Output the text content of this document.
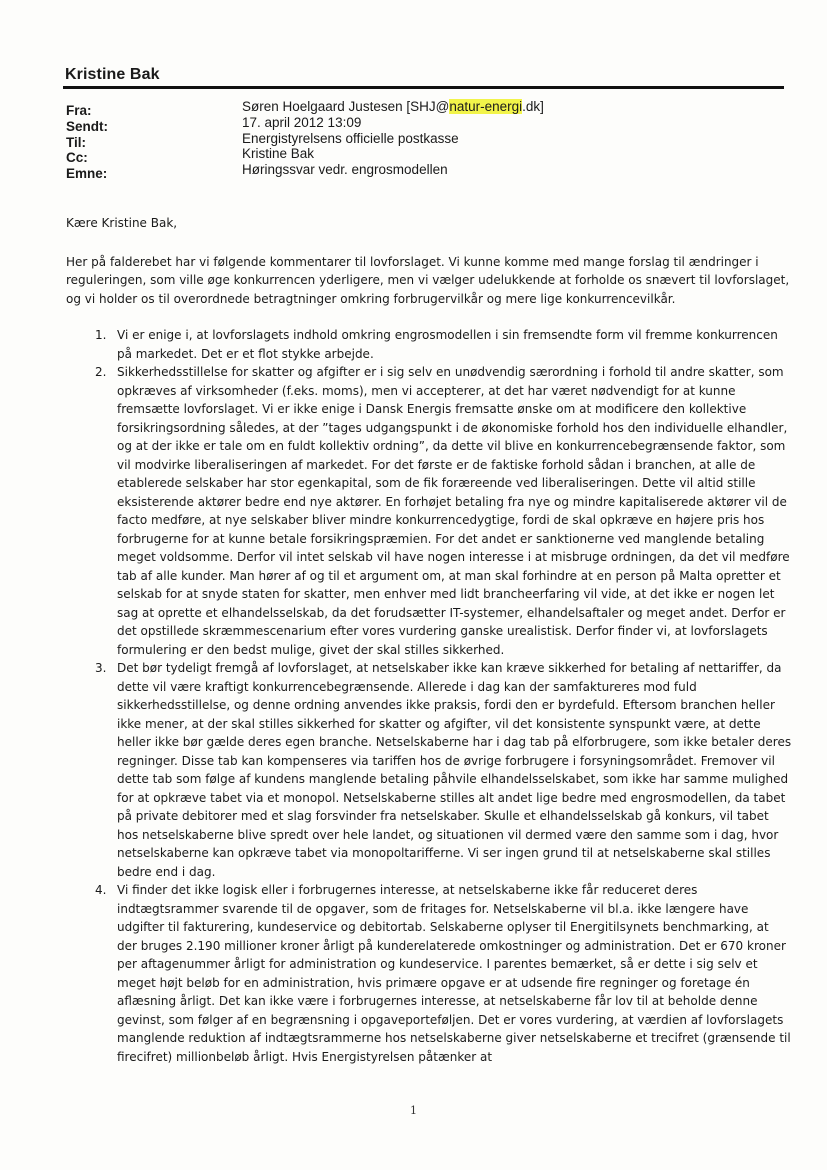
Kristine Bak
Fra:
Sendt:
Til:
Cc:
Emne:
Søren Hoelgaard Justesen [SHJ@natur-energi.dk]
17. april 2012 13:09
Energistyrelsens officielle postkasse
Kristine Bak
Høringssvar vedr. engrosmodellen

Kære Kristine Bak,

Her på falderebet har vi følgende kommentarer til lovforslaget. Vi kunne komme med mange forslag til ændringer i reguleringen, som ville øge konkurrencen yderligere, men vi vælger udelukkende at forholde os snævert til lovforslaget, og vi holder os til overordnede betragtninger omkring forbrugervilkår og mere lige konkurrencevilkår.

1. Vi er enige i, at lovforslagets indhold omkring engrosmodellen i sin fremsendte form vil fremme konkurrencen på markedet. Det er et flot stykke arbejde.
2. Sikkerhedsstillelse for skatter og afgifter er i sig selv en unødvendig særordning i forhold til andre skatter, som opkræves af virksomheder (f.eks. moms), men vi accepterer, at det har været nødvendigt for at kunne fremsætte lovforslaget. Vi er ikke enige i Dansk Energis fremsatte ønske om at modificere den kollektive forsikringsordning således, at der ”tages udgangspunkt i de økonomiske forhold hos den individuelle elhandler, og at der ikke er tale om en fuldt kollektiv ordning”, da dette vil blive en konkurrencebegrænsende faktor, som vil modvirke liberaliseringen af markedet. For det første er de faktiske forhold sådan i branchen, at alle de etablerede selskaber har stor egenkapital, som de fik foræreende ved liberaliseringen. Dette vil altid stille eksisterende aktører bedre end nye aktører. En forhøjet betaling fra nye og mindre kapitaliserede aktører vil de facto medføre, at nye selskaber bliver mindre konkurrencedygtige, fordi de skal opkræve en højere pris hos forbrugerne for at kunne betale forsikringspræmien. For det andet er sanktionerne ved manglende betaling meget voldsomme. Derfor vil intet selskab vil have nogen interesse i at misbruge ordningen, da det vil medføre tab af alle kunder. Man hører af og til et argument om, at man skal forhindre at en person på Malta opretter et selskab for at snyde staten for skatter, men enhver med lidt brancheerfaring vil vide, at det ikke er nogen let sag at oprette et elhandelsselskab, da det forudsætter IT-systemer, elhandelsaftaler og meget andet. Derfor er det opstillede skræmmescenarium efter vores vurdering ganske urealistisk. Derfor finder vi, at lovforslagets formulering er den bedst mulige, givet der skal stilles sikkerhed.
3. Det bør tydeligt fremgå af lovforslaget, at netselskaber ikke kan kræve sikkerhed for betaling af nettariffer, da dette vil være kraftigt konkurrencebegrænsende. Allerede i dag kan der samfaktureres mod fuld sikkerhedsstillelse, og denne ordning anvendes ikke praksis, fordi den er byrdefuld. Eftersom branchen heller ikke mener, at der skal stilles sikkerhed for skatter og afgifter, vil det konsistente synspunkt være, at dette heller ikke bør gælde deres egen branche. Netselskaberne har i dag tab på elforbrugere, som ikke betaler deres regninger. Disse tab kan kompenseres via tariffen hos de øvrige forbrugere i forsyningsområdet. Fremover vil dette tab som følge af kundens manglende betaling påhvile elhandelsselskabet, som ikke har samme mulighed for at opkræve tabet via et monopol. Netselskaberne stilles alt andet lige bedre med engrosmodellen, da tabet på private debitorer med et slag forsvinder fra netselskaber. Skulle et elhandelsselskab gå konkurs, vil tabet hos netselskaberne blive spredt over hele landet, og situationen vil dermed være den samme som i dag, hvor netselskaberne kan opkræve tabet via monopoltarifferne. Vi ser ingen grund til at netselskaberne skal stilles bedre end i dag.
4. Vi finder det ikke logisk eller i forbrugernes interesse, at netselskaberne ikke får reduceret deres indtægtsrammer svarende til de opgaver, som de fritages for. Netselskaberne vil bl.a. ikke længere have udgifter til fakturering, kundeservice og debitortab. Selskaberne oplyser til Energitilsynets benchmarking, at der bruges 2.190 millioner kroner årligt på kunderelaterede omkostninger og administration. Det er 670 kroner per aftagenummer årligt for administration og kundeservice. I parentes bemærket, så er dette i sig selv et meget højt beløb for en administration, hvis primære opgave er at udsende fire regninger og foretage én aflæsning årligt. Det kan ikke være i forbrugernes interesse, at netselskaberne får lov til at beholde denne gevinst, som følger af en begrænsning i opgaveporteføljen. Det er vores vurdering, at værdien af lovforslagets manglende reduktion af indtægtsrammerne hos netselskaberne giver netselskaberne et trecifret (grænsende til firecifret) millionbeløb årligt. Hvis Energistyrelsen påtænker at
1
